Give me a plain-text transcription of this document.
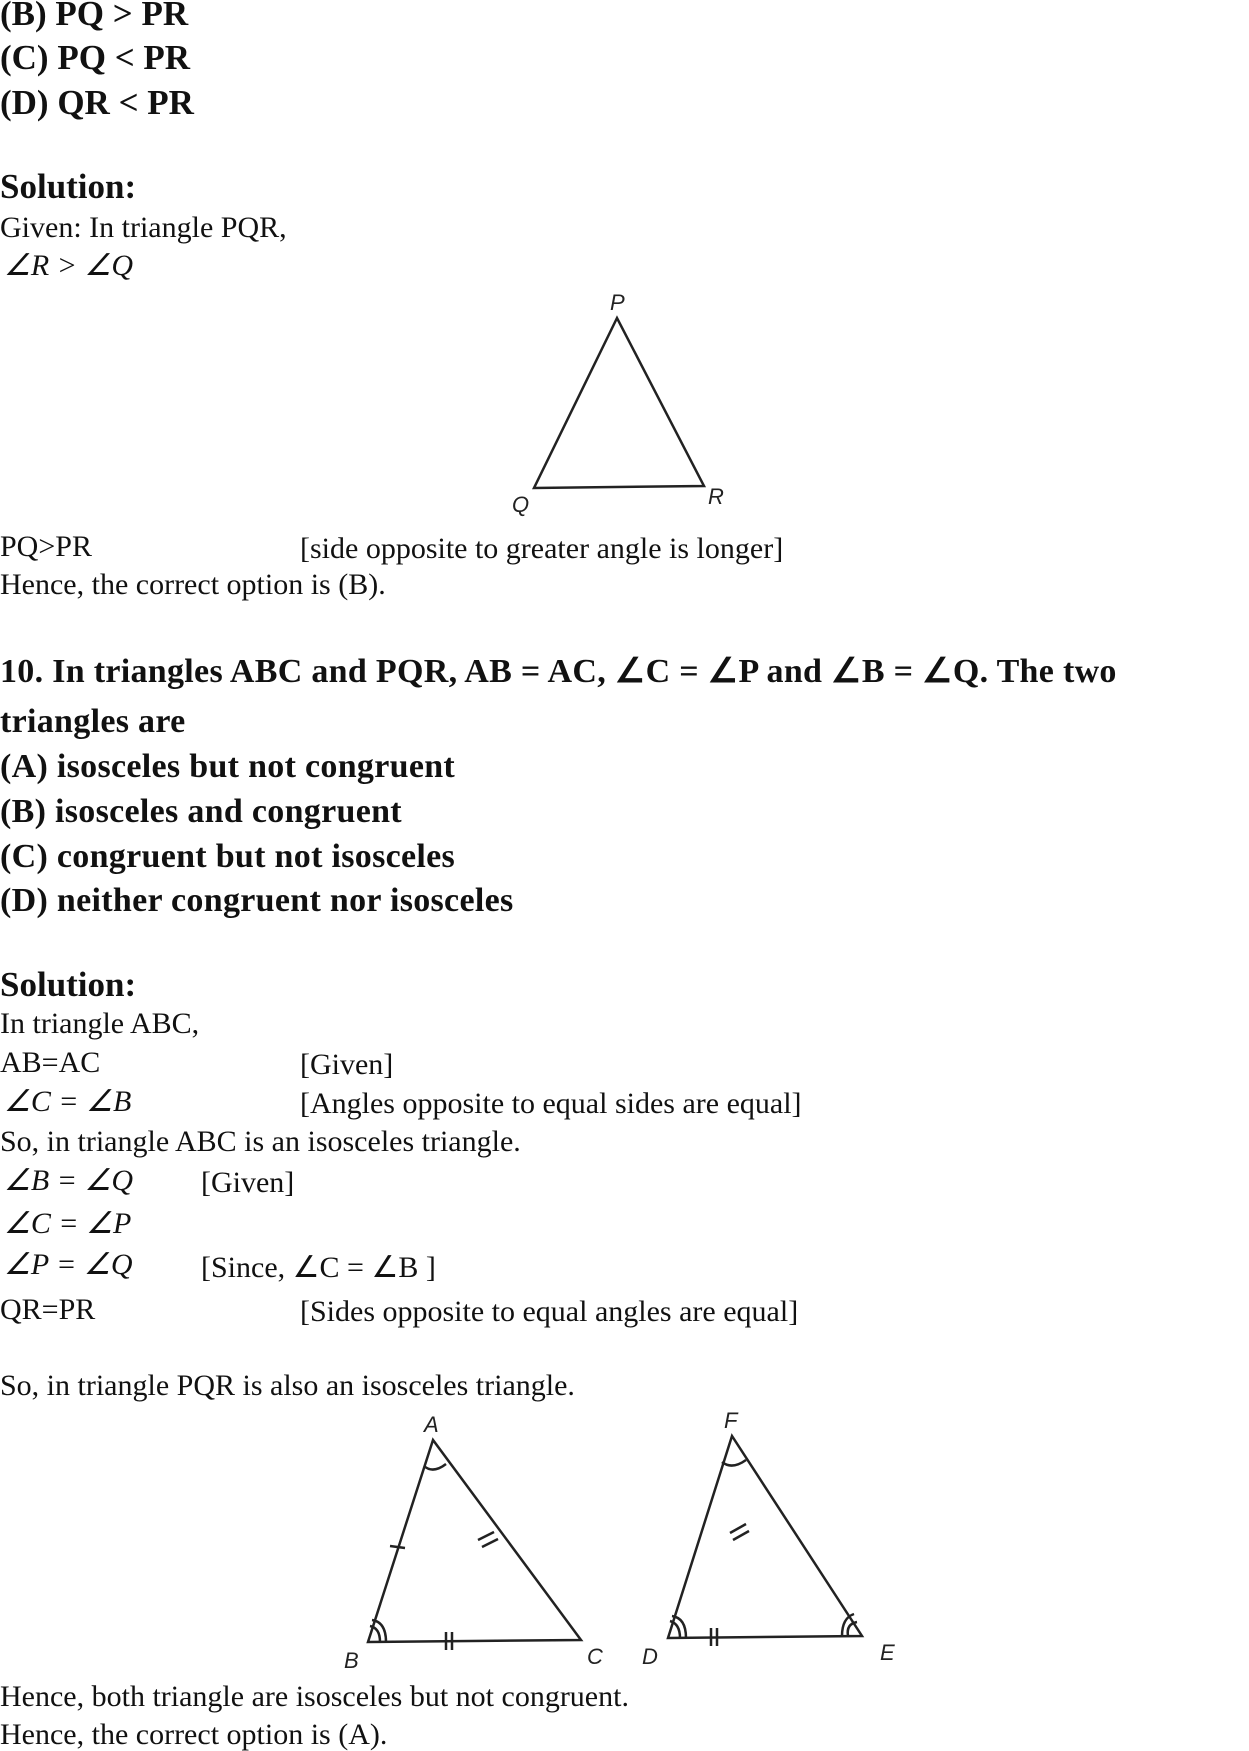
(B) PQ > PR
(C) PQ < PR
(D) QR < PR
Solution:
Given: In triangle PQR,
∠R > ∠Q
P
Q	R
A
B	C
F
D	E
PQ>PR	[side opposite to greater angle is longer]
Hence, the correct option is (B).
10. In triangles ABC and PQR, AB = AC, ∠C = ∠P and ∠B = ∠Q. The two
triangles are
(A) isosceles but not congruent
(B) isosceles and congruent
(C) congruent but not isosceles
(D) neither congruent nor isosceles
Solution:
In triangle ABC,
AB=AC	[Given]
∠C = ∠B	[Angles opposite to equal sides are equal]
So, in triangle ABC is an isosceles triangle.
∠B = ∠Q [Given]
∠C = ∠P
∠P = ∠Q [Since, ∠C = ∠B ]
QR=PR	[Sides opposite to equal angles are equal]
So, in triangle PQR is also an isosceles triangle.
Hence, both triangle are isosceles but not congruent.
Hence, the correct option is (A).
